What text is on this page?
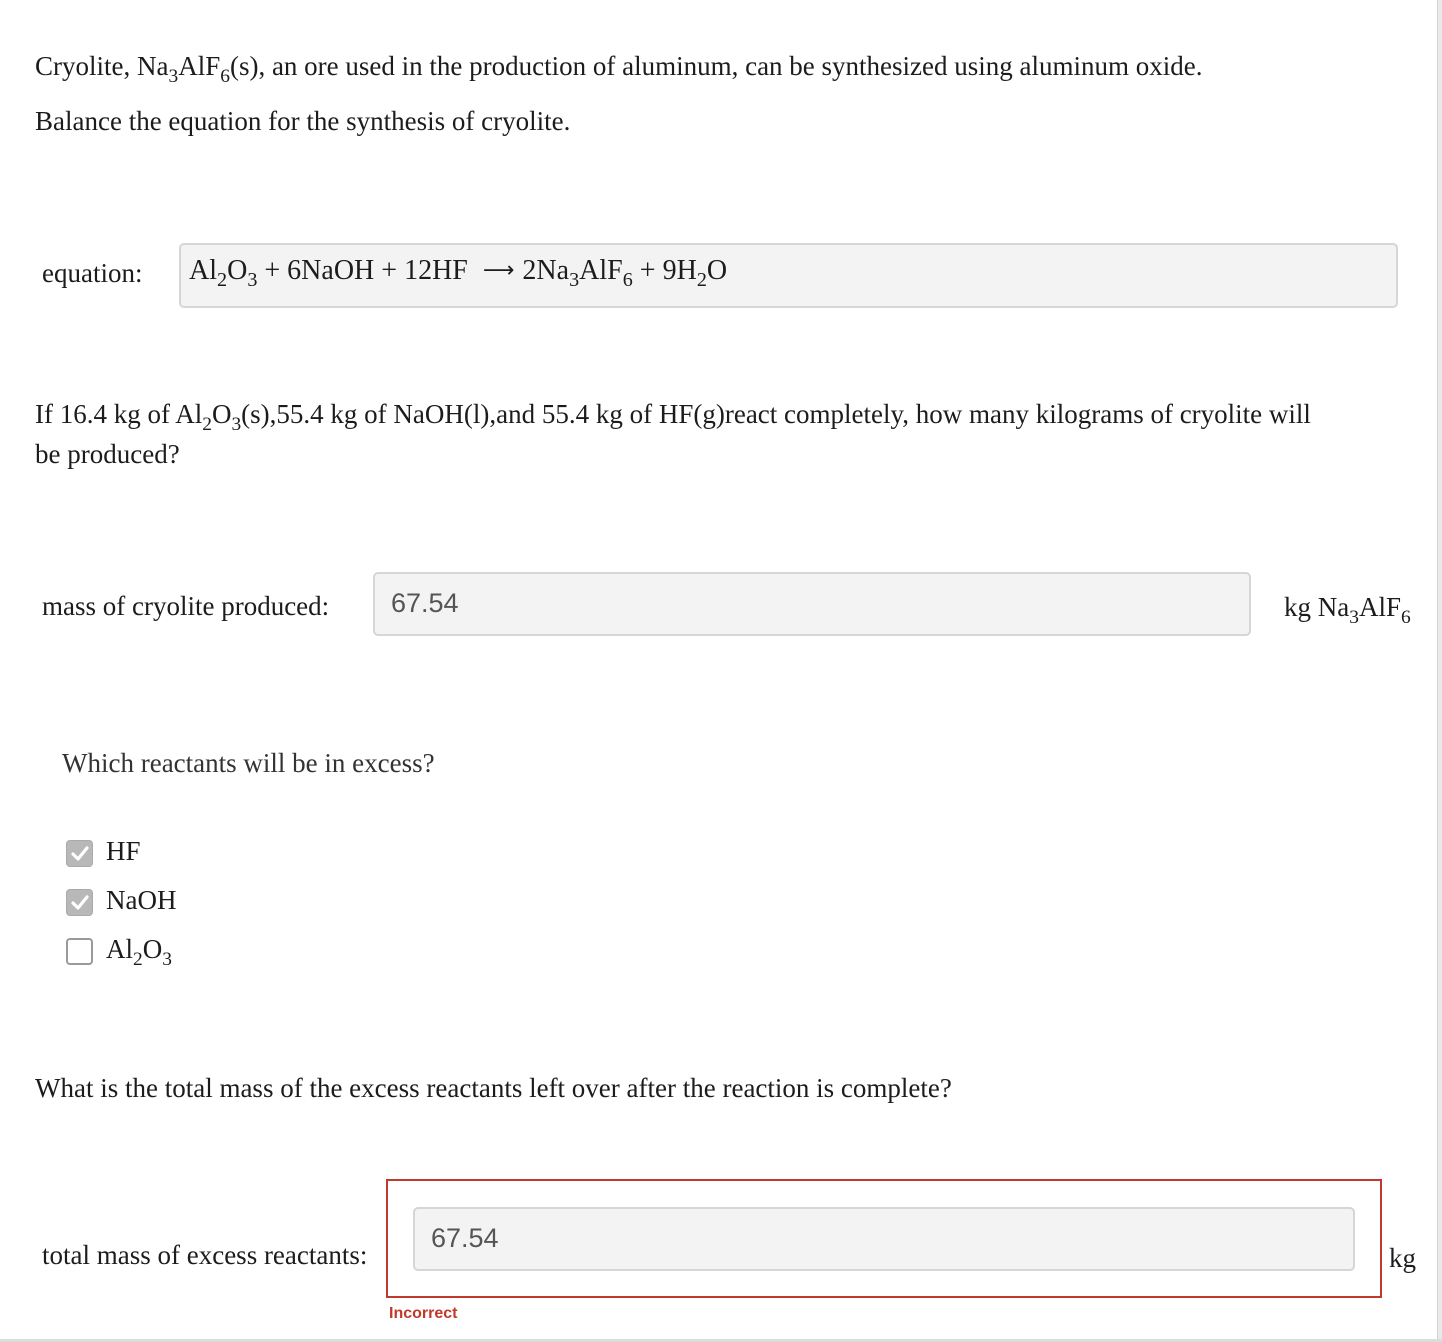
Cryolite, $Na_3AlF_6(s)$, an ore used in the production of aluminum, can be synthesized using aluminum oxide.
Balance the equation for the synthesis of cryolite.
equation: $Al_2O_3$ + 6NaOH + 12HF ⟶ $2Na_3AlF_6 + 9H_2O$
If 16.4 kg of $Al_2O_3(s),55.4$ kg of NaOH(l),and 55.4 kg of HF(g)react completely, how many kilograms of cryolite will
be produced?
mass of cryolite produced: 67.54	kg $Na_3AlF_6$
Which reactants will be in excess?
HF
NaOH
$Al_2O_3$
What is the total mass of the excess reactants left over after the reaction is complete?
total mass of excess reactants:
67.54
kg
Incorrect
